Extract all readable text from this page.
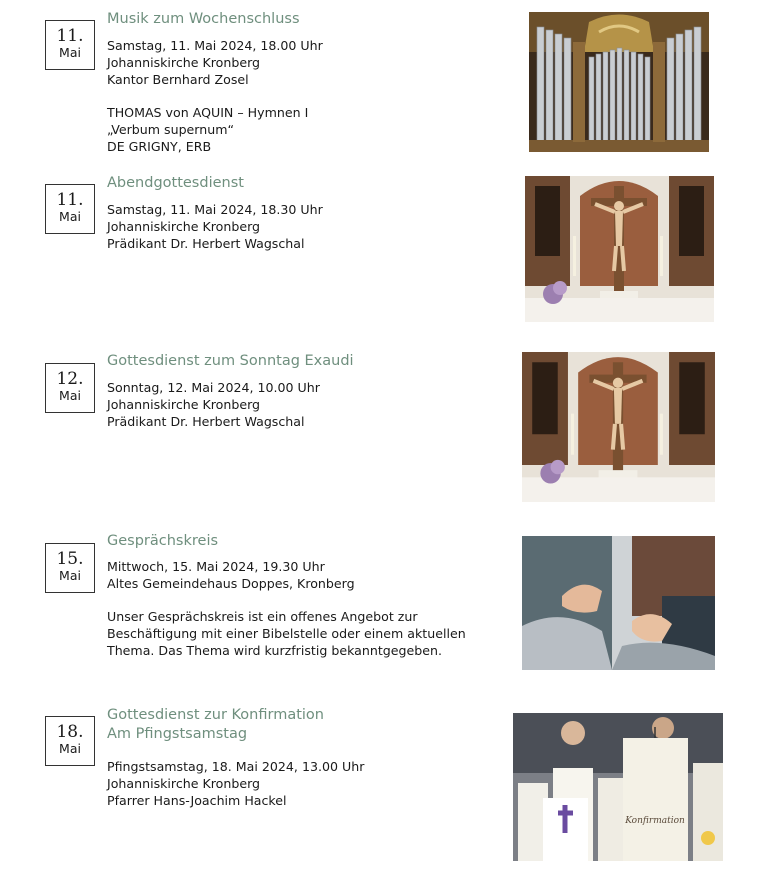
11.
Mai
Musik zum Wochenschluss
Samstag, 11. Mai 2024, 18.00 Uhr
Johanniskirche Kronberg
Kantor Bernhard Zosel

THOMAS von AQUIN – Hymnen I
„Verbum supernum“
DE GRIGNY, ERB
11.
Mai
Abendgottesdienst
Samstag, 11. Mai 2024, 18.30 Uhr
Johanniskirche Kronberg
Prädikant Dr. Herbert Wagschal
12.
Mai
Gottesdienst zum Sonntag Exaudi
Sonntag, 12. Mai 2024, 10.00 Uhr
Johanniskirche Kronberg
Prädikant Dr. Herbert Wagschal
15.
Mai
Gesprächskreis
Mittwoch, 15. Mai 2024, 19.30 Uhr
Altes Gemeindehaus Doppes, Kronberg

Unser Gesprächskreis ist ein offenes Angebot zur
Beschäftigung mit einer Bibelstelle oder einem aktuellen
Thema. Das Thema wird kurzfristig bekanntgegeben.
18.
Mai
Gottesdienst zur Konfirmation
Am Pfingstsamstag
Pfingstsamstag, 18. Mai 2024, 13.00 Uhr
Johanniskirche Kronberg
Pfarrer Hans-Joachim Hackel
Konfirmation
